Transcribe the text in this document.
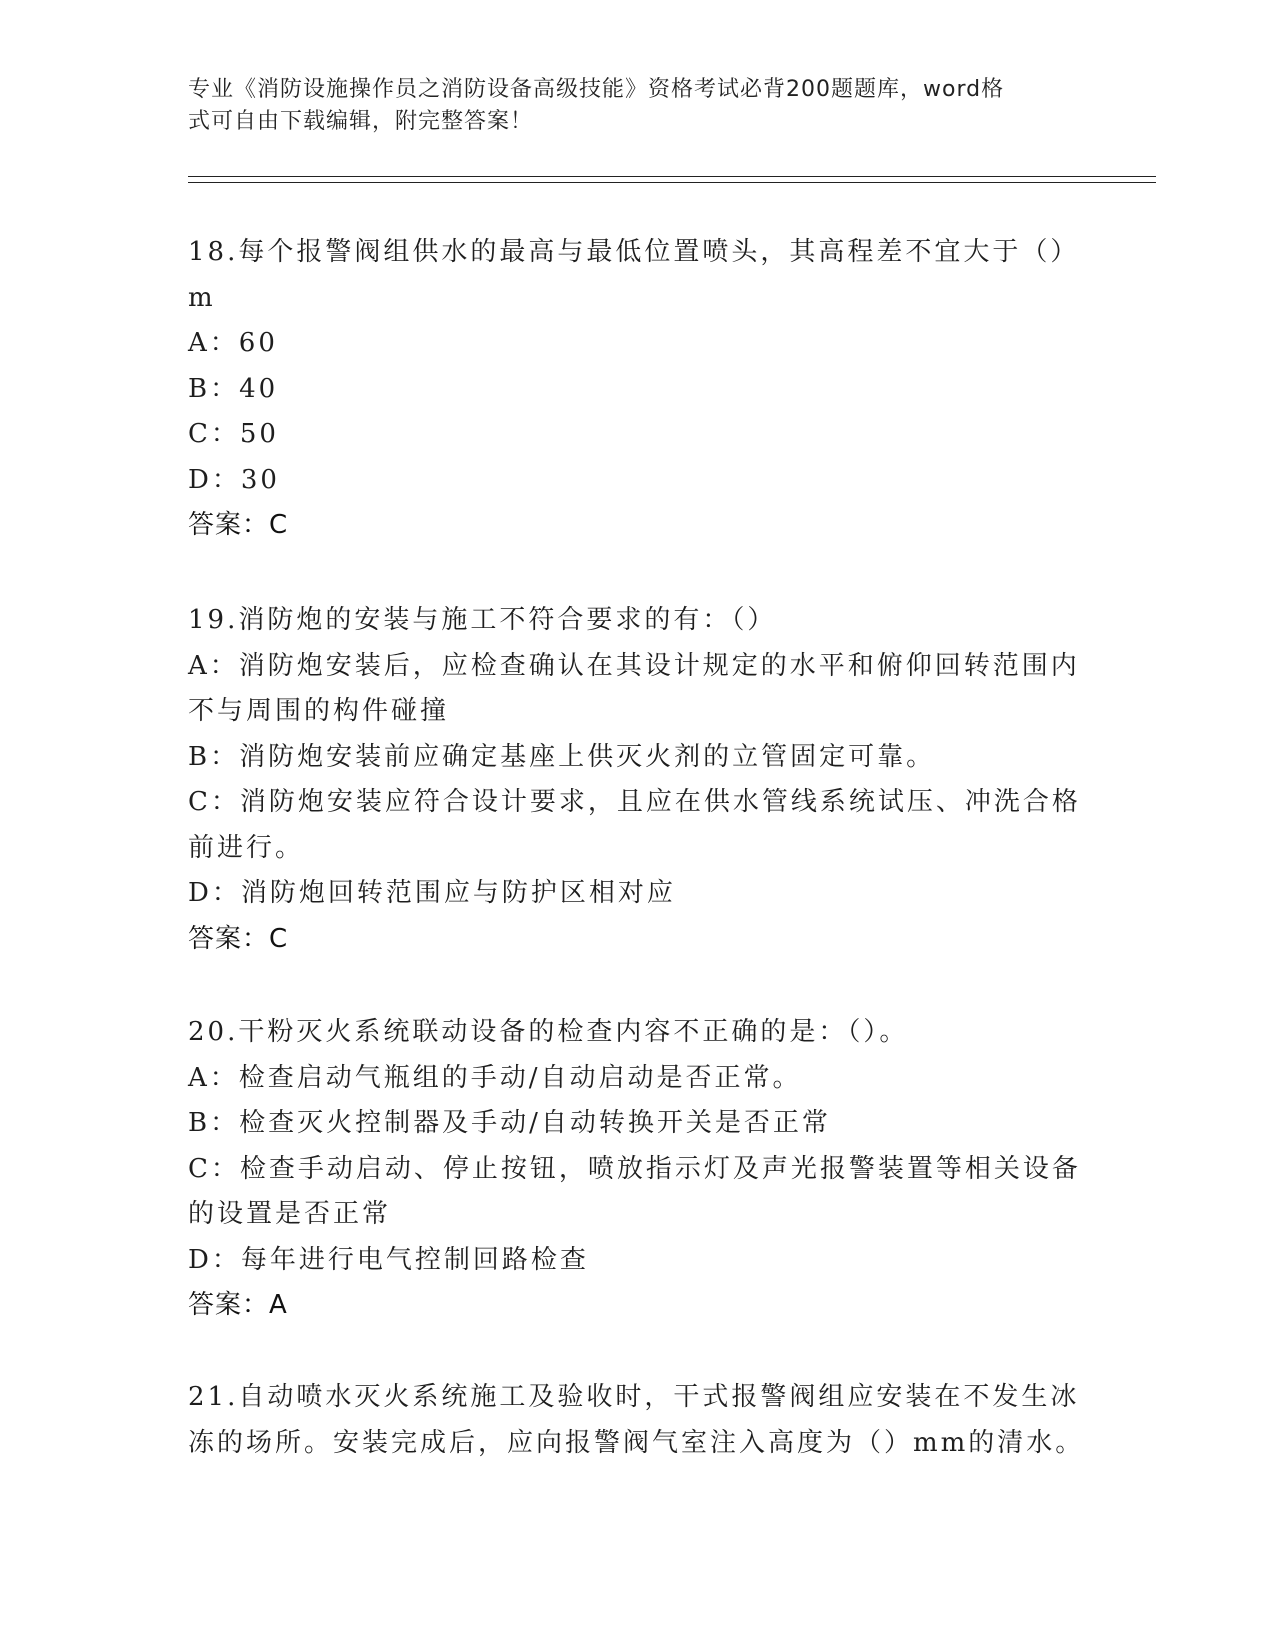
专业《消防设施操作员之消防设备高级技能》资格考试必背200题题库，word格
式可自由下载编辑，附完整答案！
18.每个报警阀组供水的最高与最低位置喷头，其高程差不宜大于（）
m
A：60
B：40
C：50
D：30
答案：C
19.消防炮的安装与施工不符合要求的有：（）
A：消防炮安装后，应检查确认在其设计规定的水平和俯仰回转范围内
不与周围的构件碰撞
B：消防炮安装前应确定基座上供灭火剂的立管固定可靠。
C：消防炮安装应符合设计要求，且应在供水管线系统试压、冲洗合格
前进行。
D：消防炮回转范围应与防护区相对应
答案：C
20.干粉灭火系统联动设备的检查内容不正确的是：（）。
A：检查启动气瓶组的手动/自动启动是否正常。
B：检查灭火控制器及手动/自动转换开关是否正常
C：检查手动启动、停止按钮，喷放指示灯及声光报警装置等相关设备
的设置是否正常
D：每年进行电气控制回路检查
答案：A
21.自动喷水灭火系统施工及验收时，干式报警阀组应安装在不发生冰
冻的场所。安装完成后，应向报警阀气室注入高度为（）mm的清水。
